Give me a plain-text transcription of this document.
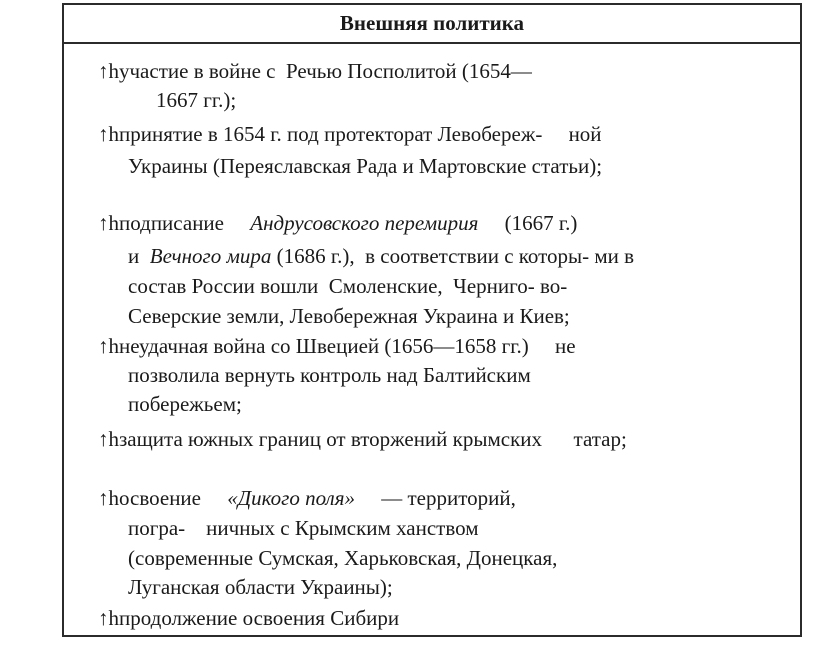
Внешняя политика
↑hучастие в войне с  Речью Посполитой (1654—
1667 гг.);
↑hпринятие в 1654 г. под протекторат Левобереж-     ной
Украины (Переяславская Рада и Мартовские статьи);
↑hподписание     Андрусовского перемирия     (1667 г.)
и  Вечного мира (1686 г.),  в соответствии с которы- ми в
состав России вошли  Смоленские,  Черниго- во-
Северские земли, Левобережная Украина и Киев;
↑hнеудачная война со Швецией (1656—1658 гг.)     не
позволила вернуть контроль над Балтийским
побережьем;
↑hзащита южных границ от вторжений крымских      татар;
↑hосвоение     «Дикого поля»     — территорий,
погра-    ничных с Крымским ханством
(современные Сумская, Харьковская, Донецкая,
Луганская области Украины);
↑hпродолжение освоения Сибири
